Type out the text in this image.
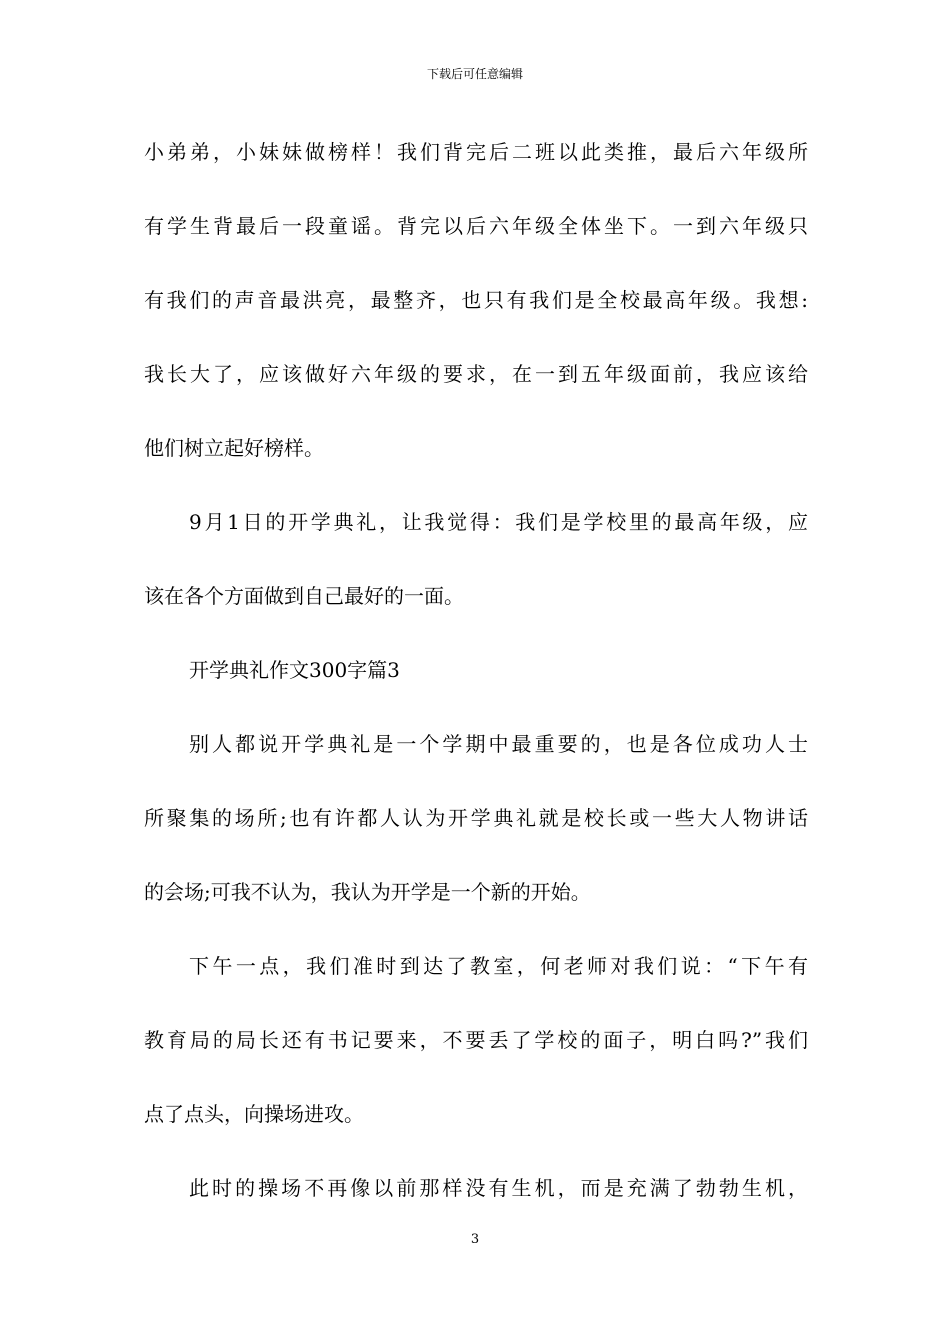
下载后可任意编辑
小弟弟，小妹妹做榜样！我们背完后二班以此类推，最后六年级所
有学生背最后一段童谣。背完以后六年级全体坐下。一到六年级只
有我们的声音最洪亮，最整齐，也只有我们是全校最高年级。我想:
我长大了，应该做好六年级的要求，在一到五年级面前，我应该给
他们树立起好榜样。
9月1日的开学典礼，让我觉得：我们是学校里的最高年级，应
该在各个方面做到自己最好的一面。
开学典礼作文300字篇3
别人都说开学典礼是一个学期中最重要的，也是各位成功人士
所聚集的场所;也有许都人认为开学典礼就是校长或一些大人物讲话
的会场;可我不认为，我认为开学是一个新的开始。
下午一点，我们准时到达了教室，何老师对我们说：“下午有
教育局的局长还有书记要来，不要丢了学校的面子，明白吗?”我们
点了点头，向操场进攻。
此时的操场不再像以前那样没有生机，而是充满了勃勃生机，
3
